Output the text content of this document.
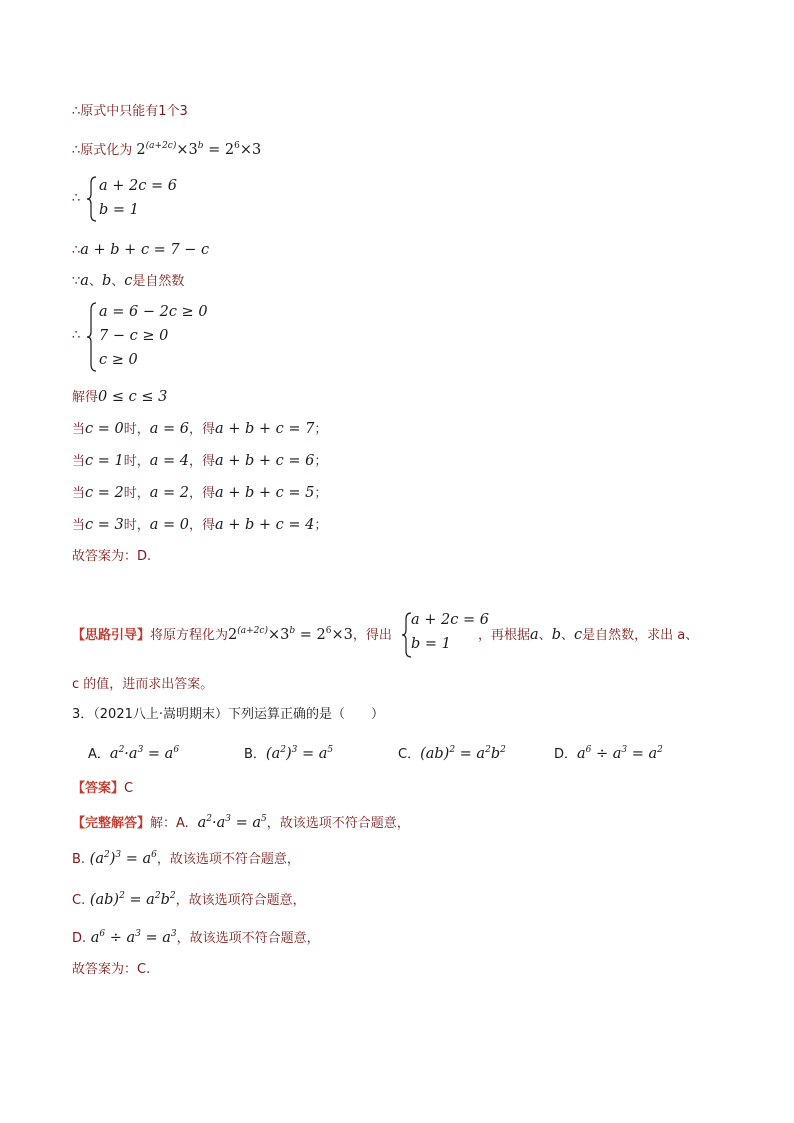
∴原式中只能有1个3
∴原式化为 $2^{(a+2c)}\times 3^b = 2^6\times 3$
∴
a + 2c = 6
b = 1
∴a + b + c = 7 − c
∵a、b、c是自然数
∴
a = 6 − 2c ≥ 0
7 − c ≥ 0
c ≥ 0
解得0 ≤ c ≤ 3
当c = 0时，a = 6，得a + b + c = 7；
当c = 1时，a = 4，得a + b + c = 6；
当c = 2时，a = 2，得a + b + c = 5；
当c = 3时，a = 0，得a + b + c = 4；
故答案为：D.
【思路引导】将原方程化为$2^{(a+2c)}\times 3^b = 2^6\times 3$，得出
a + 2c = 6
b = 1
，再根据a、b、c是自然数，求出 a、
c 的值，进而求出答案。
3．（2021八上·嵩明期末）下列运算正确的是（　　）
A．$a^2\cdot a^3 = a^6$	B．$(a^2)^3 = a^5$	C．$(ab)^2 = a^2b^2$	D．$a^6 \div a^3 = a^2$
【答案】C
【完整解答】解：A.  $a^2\cdot a^3 = a^5$，故该选项不符合题意，
B. $(a^2)^3 = a^6$，故该选项不符合题意，
C. $(ab)^2 = a^2b^2$，故该选项符合题意，
D. $a^6 \div a^3 = a^3$，故该选项不符合题意，
故答案为：C.
